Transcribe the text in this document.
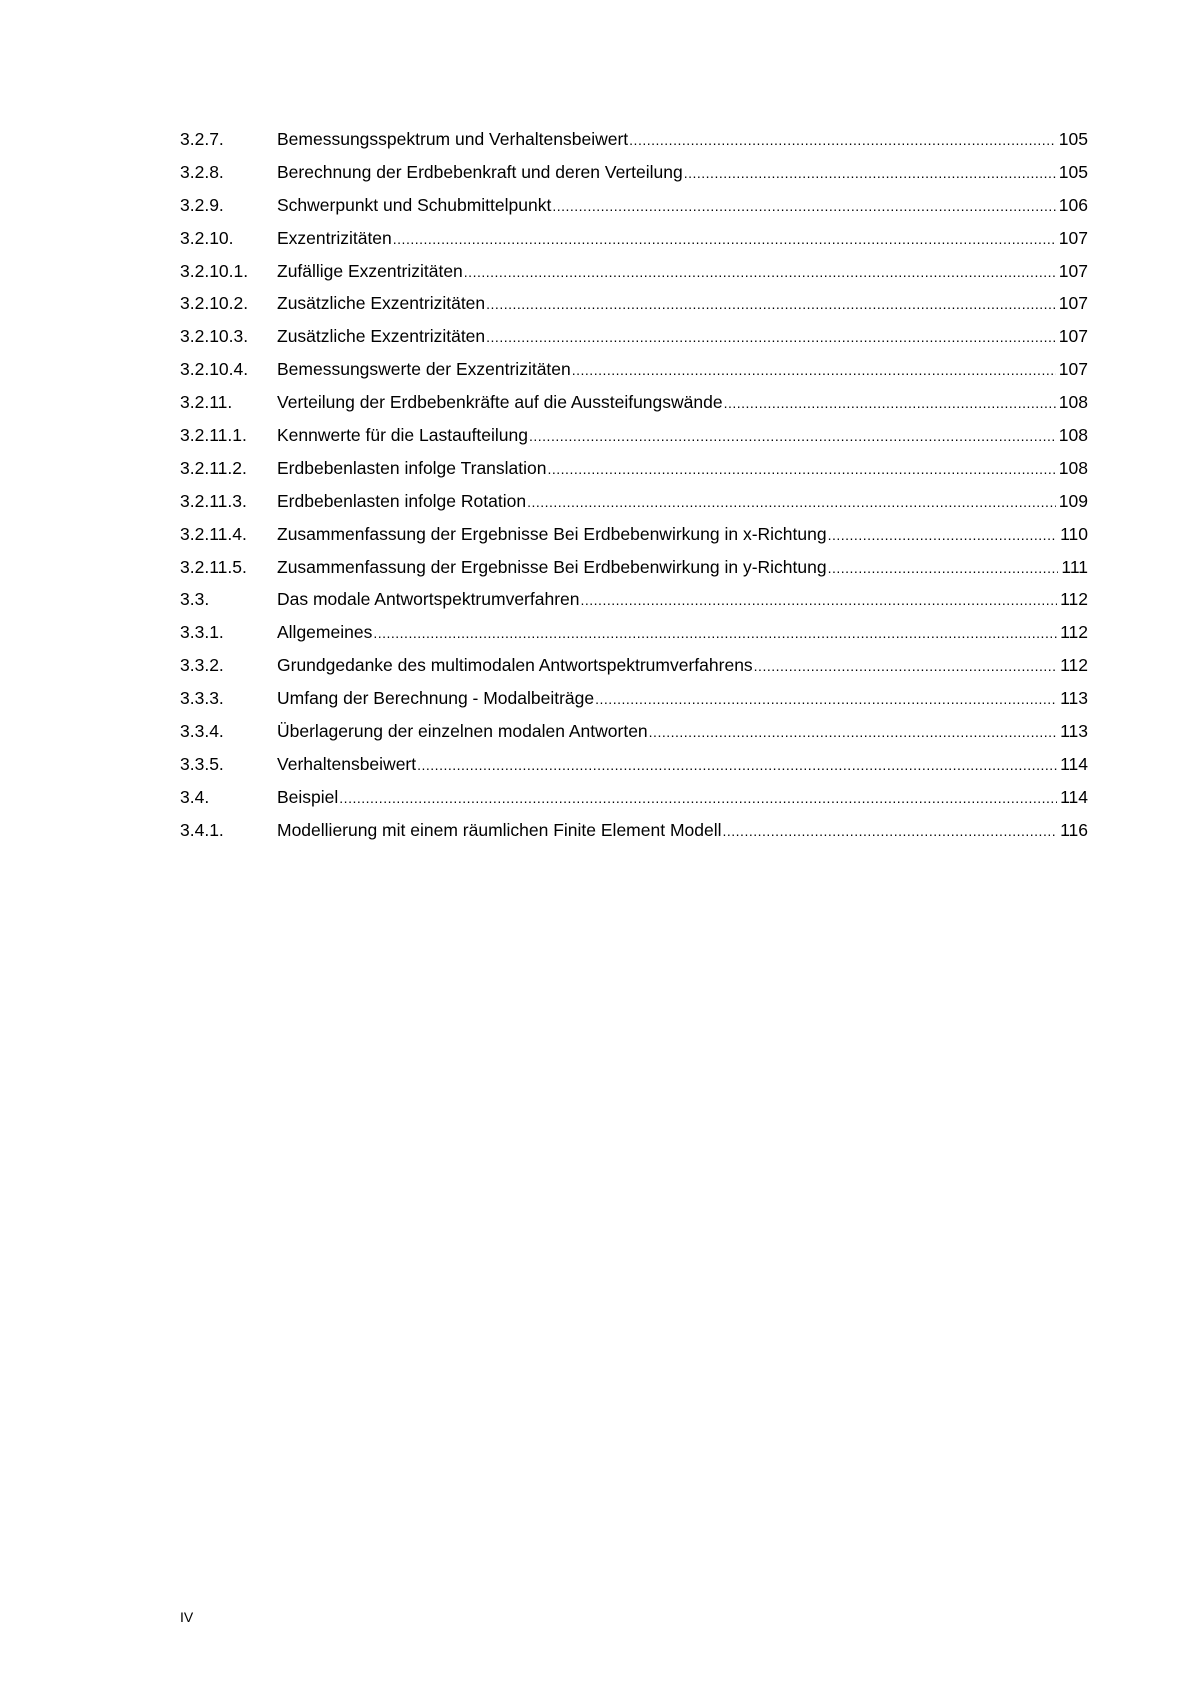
3.2.7.	Bemessungsspektrum und Verhaltensbeiwert .....	105
3.2.8.	Berechnung der Erdbebenkraft und deren Verteilung .....	105
3.2.9.	Schwerpunkt und Schubmittelpunkt .....	106
3.2.10.	Exzentrizitäten .....	107
3.2.10.1.	Zufällige Exzentrizitäten .....	107
3.2.10.2.	Zusätzliche Exzentrizitäten .....	107
3.2.10.3.	Zusätzliche Exzentrizitäten .....	107
3.2.10.4.	Bemessungswerte der Exzentrizitäten .....	107
3.2.11.	Verteilung der Erdbebenkräfte auf die Aussteifungswände .....	108
3.2.11.1.	Kennwerte für die Lastaufteilung .....	108
3.2.11.2.	Erdbebenlasten infolge Translation .....	108
3.2.11.3.	Erdbebenlasten infolge Rotation .....	109
3.2.11.4.	Zusammenfassung der Ergebnisse Bei Erdbebenwirkung in x-Richtung .....	110
3.2.11.5.	Zusammenfassung der Ergebnisse Bei Erdbebenwirkung in y-Richtung .....	111
3.3.	Das modale Antwortspektrumverfahren .....	112
3.3.1.	Allgemeines .....	112
3.3.2.	Grundgedanke des multimodalen Antwortspektrumverfahrens .....	112
3.3.3.	Umfang der Berechnung - Modalbeiträge .....	113
3.3.4.	Überlagerung der einzelnen modalen Antworten .....	113
3.3.5.	Verhaltensbeiwert .....	114
3.4.	Beispiel .....	114
3.4.1.	Modellierung mit einem räumlichen Finite Element Modell .....	116
IV
